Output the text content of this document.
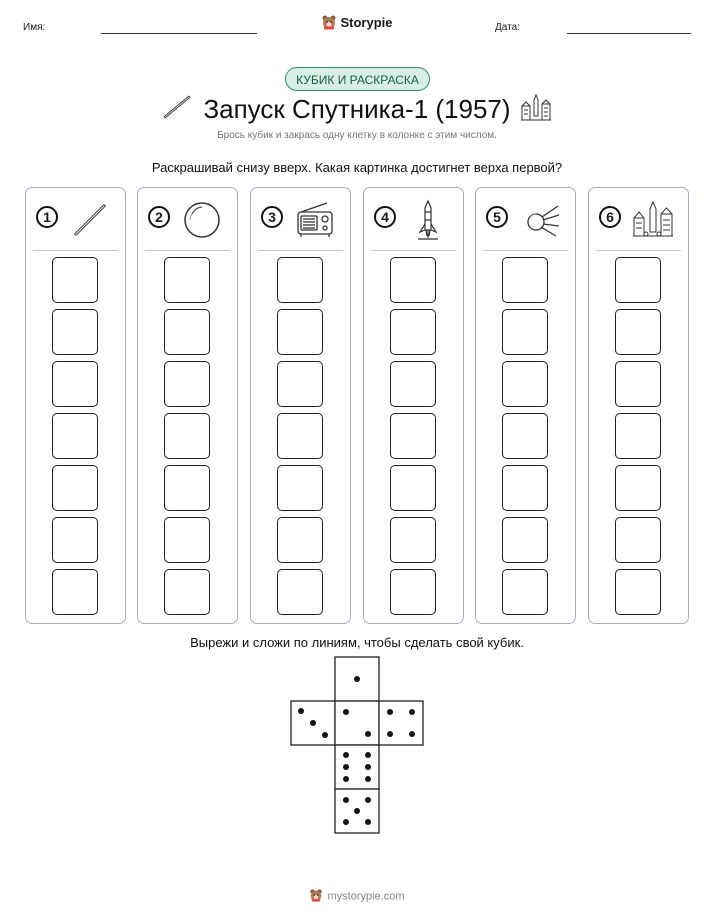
Имя:	Дата:
Storypie
КУБИК И РАСКРАСКА
Запуск Спутника-1 (1957)
Брось кубик и закрась одну клетку в колонке с этим числом.
Раскрашивай снизу вверх. Какая картинка достигнет верха первой?
1	2	3	4	5	6
Вырежи и сложи по линиям, чтобы сделать свой кубик.
mystorypie.com
